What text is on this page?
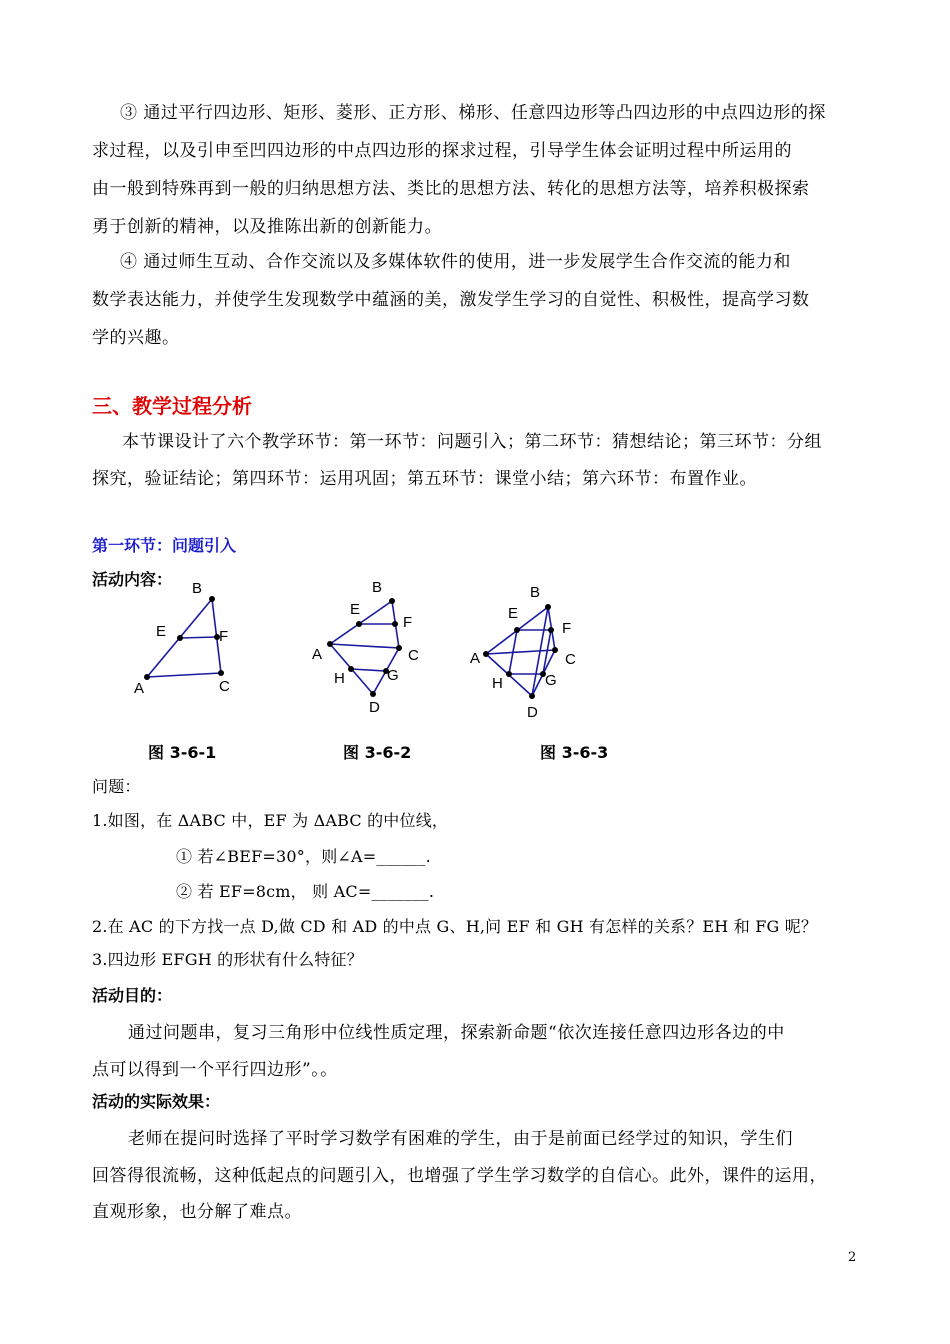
③ 通过平行四边形、矩形、菱形、正方形、梯形、任意四边形等凸四边形的中点四边形的探
求过程，以及引申至凹四边形的中点四边形的探求过程，引导学生体会证明过程中所运用的
由一般到特殊再到一般的归纳思想方法、类比的思想方法、转化的思想方法等，培养积极探索
勇于创新的精神，以及推陈出新的创新能力。
④ 通过师生互动、合作交流以及多媒体软件的使用，进一步发展学生合作交流的能力和
数学表达能力，并使学生发现数学中蕴涵的美，激发学生学习的自觉性、积极性，提高学习数
学的兴趣。
三、教学过程分析
本节课设计了六个教学环节：第一环节：问题引入；第二环节：猜想结论；第三环节：分组
探究，验证结论；第四环节：运用巩固；第五环节：课堂小结；第六环节：布置作业。
第一环节：问题引入
活动内容： B
E	F
A	C
B
E
F
A	C
H	G
D
B
E
F
A	C
H	G
D
图 3-6-1	图 3-6-2	图 3-6-3
问题：
1.如图，在 ΔABC 中，EF 为 ΔABC 的中位线，
① 若∠BEF=30°，则∠A=______.
② 若 EF=8cm， 则 AC=_______.
2.在 AC 的下方找一点 D,做 CD 和 AD 的中点 G、H,问 EF 和 GH 有怎样的关系？EH 和 FG 呢？
3.四边形 EFGH 的形状有什么特征？
活动目的：
通过问题串，复习三角形中位线性质定理，探索新命题“依次连接任意四边形各边的中
点可以得到一个平行四边形”。。
活动的实际效果：
老师在提问时选择了平时学习数学有困难的学生，由于是前面已经学过的知识，学生们
回答得很流畅，这种低起点的问题引入，也增强了学生学习数学的自信心。此外，课件的运用，
直观形象，也分解了难点。
2
